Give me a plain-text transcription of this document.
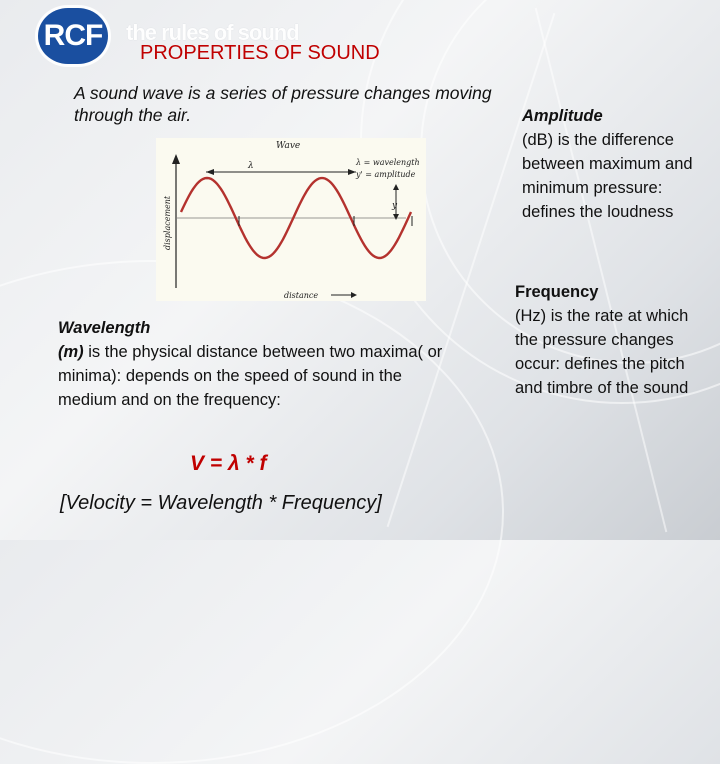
RCF the rules of sound
PROPERTIES OF SOUND
A sound wave is a series of pressure changes moving through the air.
λ
y
Wave
λ = wavelength
y' = amplitude
distance
displacement
Wavelength
(m) is the physical distance between two maxima( or minima): depends on the speed of sound in the medium and on the frequency:
V = λ * f
[Velocity = Wavelength * Frequency]
Amplitude
(dB) is the difference between maximum and minimum pressure: defines the loudness
Frequency
(Hz) is the rate at which the pressure changes occur: defines the pitch and timbre of the sound
